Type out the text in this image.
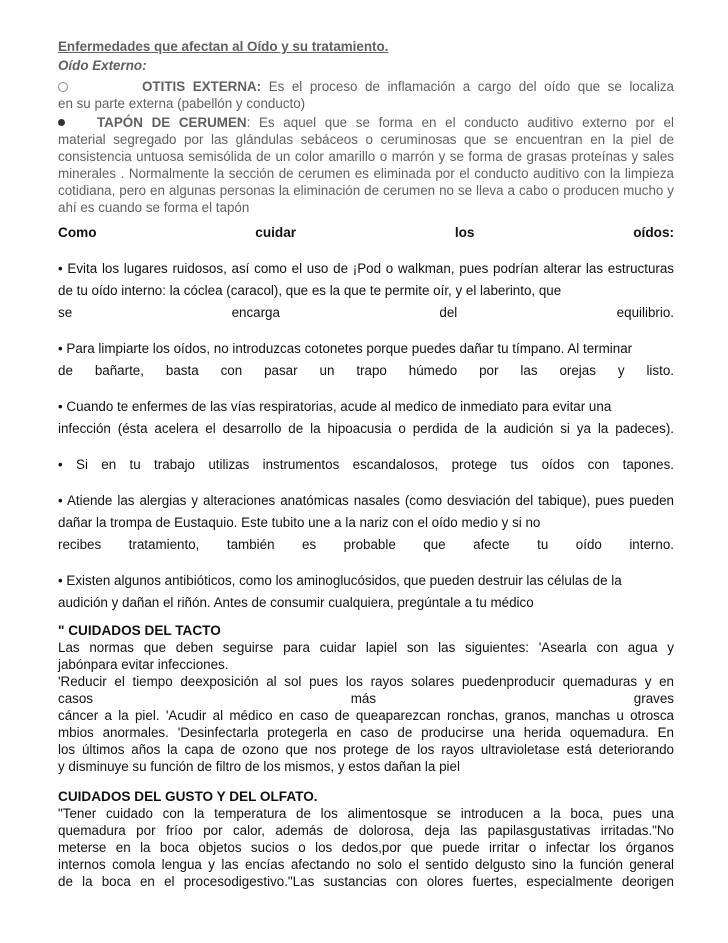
Enfermedades que afectan al Oído y su tratamiento.
Oído Externo:
OTITIS EXTERNA: Es el proceso de inflamación a cargo del oído que se localiza
en su parte externa (pabellón y conducto)
TAPÓN DE CERUMEN: Es aquel que se forma en el conducto auditivo externo por el
material segregado por las glándulas sebáceos o ceruminosas que se encuentran en la piel de consistencia untuosa semisólida de un color amarillo o marrón y se forma de grasas proteínas y sales minerales . Normalmente la sección de cerumen es eliminada por el conducto auditivo con la limpieza cotidiana, pero en algunas personas la eliminación de cerumen no se lleva a cabo o producen mucho y ahí es cuando se forma el tapón
Como	cuidar	los	oídos:
• Evita los lugares ruidosos, así como el uso de ¡Pod o walkman, pues podrían alterar las estructuras de tu oído interno: la cóclea (caracol), que es la que te permite oír, y el laberinto, que
se encarga del equilibrio.
• Para limpiarte los oídos, no introduzcas cotonetes porque puedes dañar tu tímpano. Al terminar
de bañarte, basta con pasar un trapo húmedo por las orejas y listo.
• Cuando te enfermes de las vías respiratorias, acude al medico de inmediato para evitar una
infección (ésta acelera el desarrollo de la hipoacusia o perdida de la audición si ya la padeces).
• Si en tu trabajo utilizas instrumentos escandalosos, protege tus oídos con tapones.
• Atiende las alergias y alteraciones anatómicas nasales (como desviación del tabique), pues pueden dañar la trompa de Eustaquio. Este tubito une a la nariz con el oído medio y si no
recibes tratamiento, también es probable que afecte tu oído interno.
• Existen algunos antibióticos, como los aminoglucósidos, que pueden destruir las células de la
audición y dañan el riñón. Antes de consumir cualquiera, pregúntale a tu médico
" CUIDADOS DEL TACTO
Las normas que deben seguirse para cuidar lapiel son las siguientes: 'Asearla con agua y
jabónpara evitar infecciones.
'Reducir el tiempo deexposición al sol pues los rayos solares puedenproducir quemaduras y en
casos más graves
cáncer a la piel. 'Acudir al médico en caso de queaparezcan ronchas, granos, manchas u otrosca
mbios anormales. 'Desinfectarla protegerla en caso de producirse una herida oquemadura. En
los últimos años la capa de ozono que nos protege de los rayos ultravioletase está deteriorando
y disminuye su función de filtro de los mismos, y estos dañan la piel
CUIDADOS DEL GUSTO Y DEL OLFATO.
"Tener cuidado con la temperatura de los alimentosque se introducen a la boca, pues una
quemadura por fríoo por calor, además de dolorosa, deja las papilasgustativas irritadas."No
meterse en la boca objetos sucios o los dedos,por que puede irritar o infectar los órganos
internos comola lengua y las encías afectando no solo el sentido delgusto sino la función general
de la boca en el procesodigestivo."Las sustancias con olores fuertes, especialmente deorigen
